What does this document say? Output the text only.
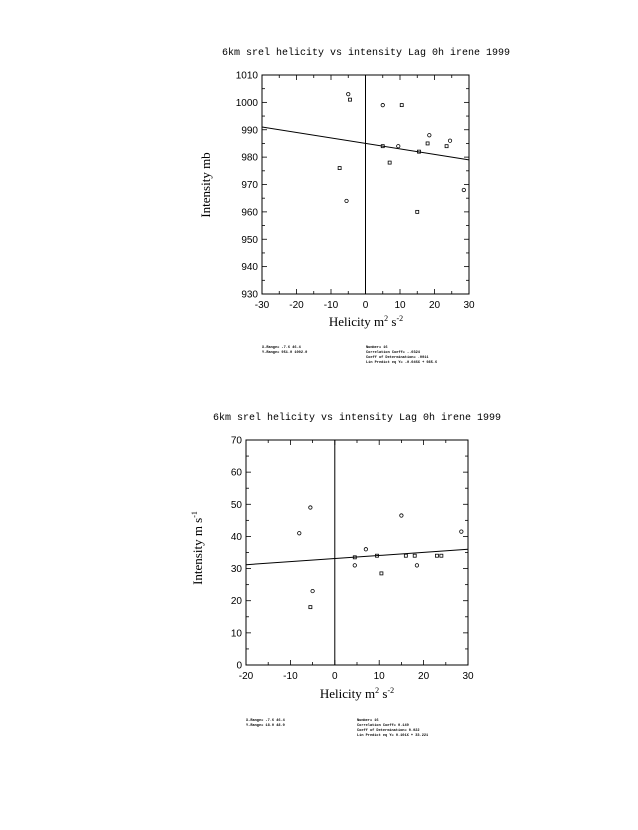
6km srel helicity vs intensity Lag 0h irene 1999
-30 -20 -10 0	10 20 30
930
940
950
960
970
980
990
1000
1010
Helicity $m^2$ $s^{-2}$
Intensity mb
X-Range= -7.6 46.4
Y-Range= 951.0 1002.0
Number= 16
Correlation Coeff= -.0324
Coeff of Determination= .0011
Lin Predict eq Y= -0.046X + 985.6
6km srel helicity vs intensity Lag 0h irene 1999
-20	-10	0	10	20	30
0
10
20
30
40
50
60
70
Helicity $m^2$ $s^{-2}$
Intensity m $s^{-1}$
X-Range= -7.6 46.4
Y-Range= 18.0 48.0
Number= 16
Correlation Coeff= 0.149
Coeff of Determination= 0.022
Lin Predict eq Y= 0.101X + 33.221
